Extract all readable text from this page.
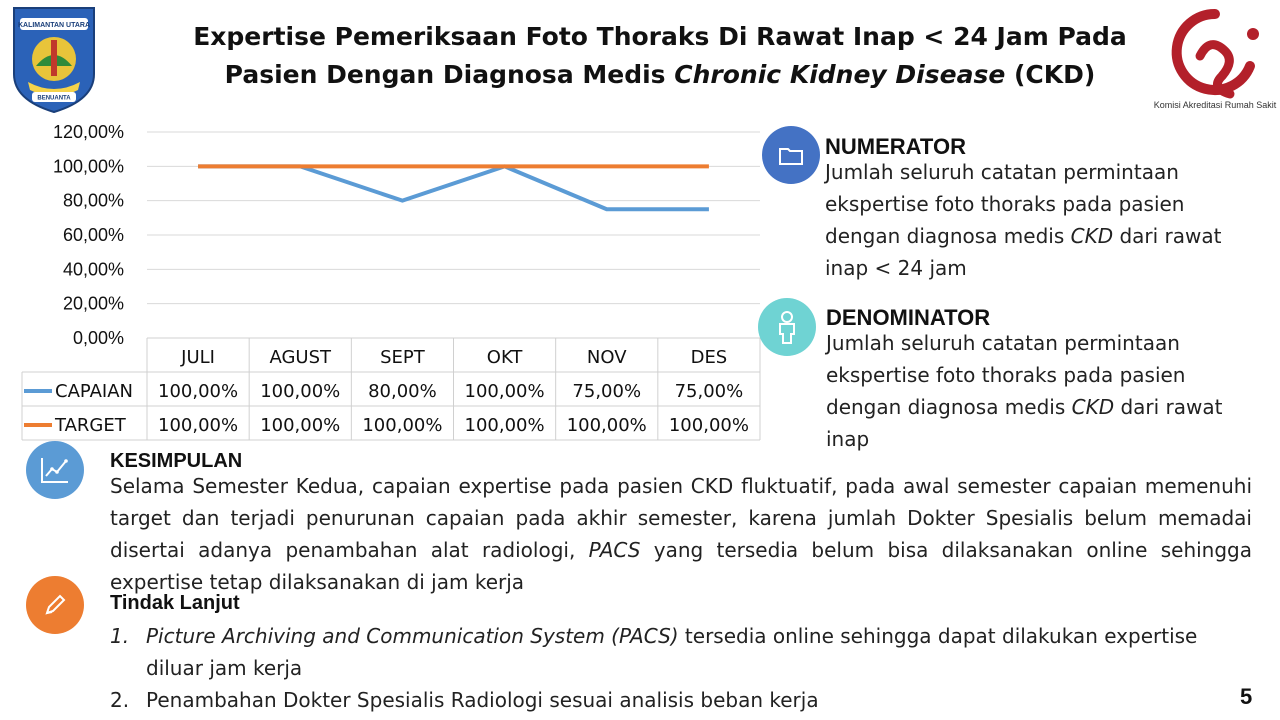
KALIMANTAN UTARA
BENUANTA
Expertise Pemeriksaan Foto Thoraks Di Rawat Inap < 24 Jam Pada
Pasien Dengan Diagnosa Medis Chronic Kidney Disease (CKD)
Komisi Akreditasi Rumah Sakit
0,00%
20,00%
40,00%
60,00%
80,00%
100,00%
120,00%
JULI	AGUST	SEPT	OKT	NOV	DES
CAPAIAN 100,00% 100,00% 80,00% 100,00% 75,00% 75,00%
TARGET 100,00% 100,00% 100,00% 100,00% 100,00% 100,00%
NUMERATOR
Jumlah seluruh catatan permintaan
ekspertise foto thoraks pada pasien
dengan diagnosa medis CKD dari rawat
inap < 24 jam
DENOMINATOR
Jumlah seluruh catatan permintaan
ekspertise foto thoraks pada pasien
dengan diagnosa medis CKD dari rawat
inap
KESIMPULAN
Selama Semester Kedua, capaian expertise pada pasien CKD fluktuatif, pada awal semester capaian memenuhi target dan terjadi penurunan capaian pada akhir semester, karena jumlah Dokter Spesialis belum memadai disertai adanya penambahan alat radiologi, PACS yang tersedia belum bisa dilaksanakan online sehingga expertise tetap dilaksanakan di jam kerja
Tindak Lanjut
1. Picture Archiving and Communication System (PACS) tersedia online sehingga dapat dilakukan expertise
diluar jam kerja
2. Penambahan Dokter Spesialis Radiologi sesuai analisis beban kerja	5
